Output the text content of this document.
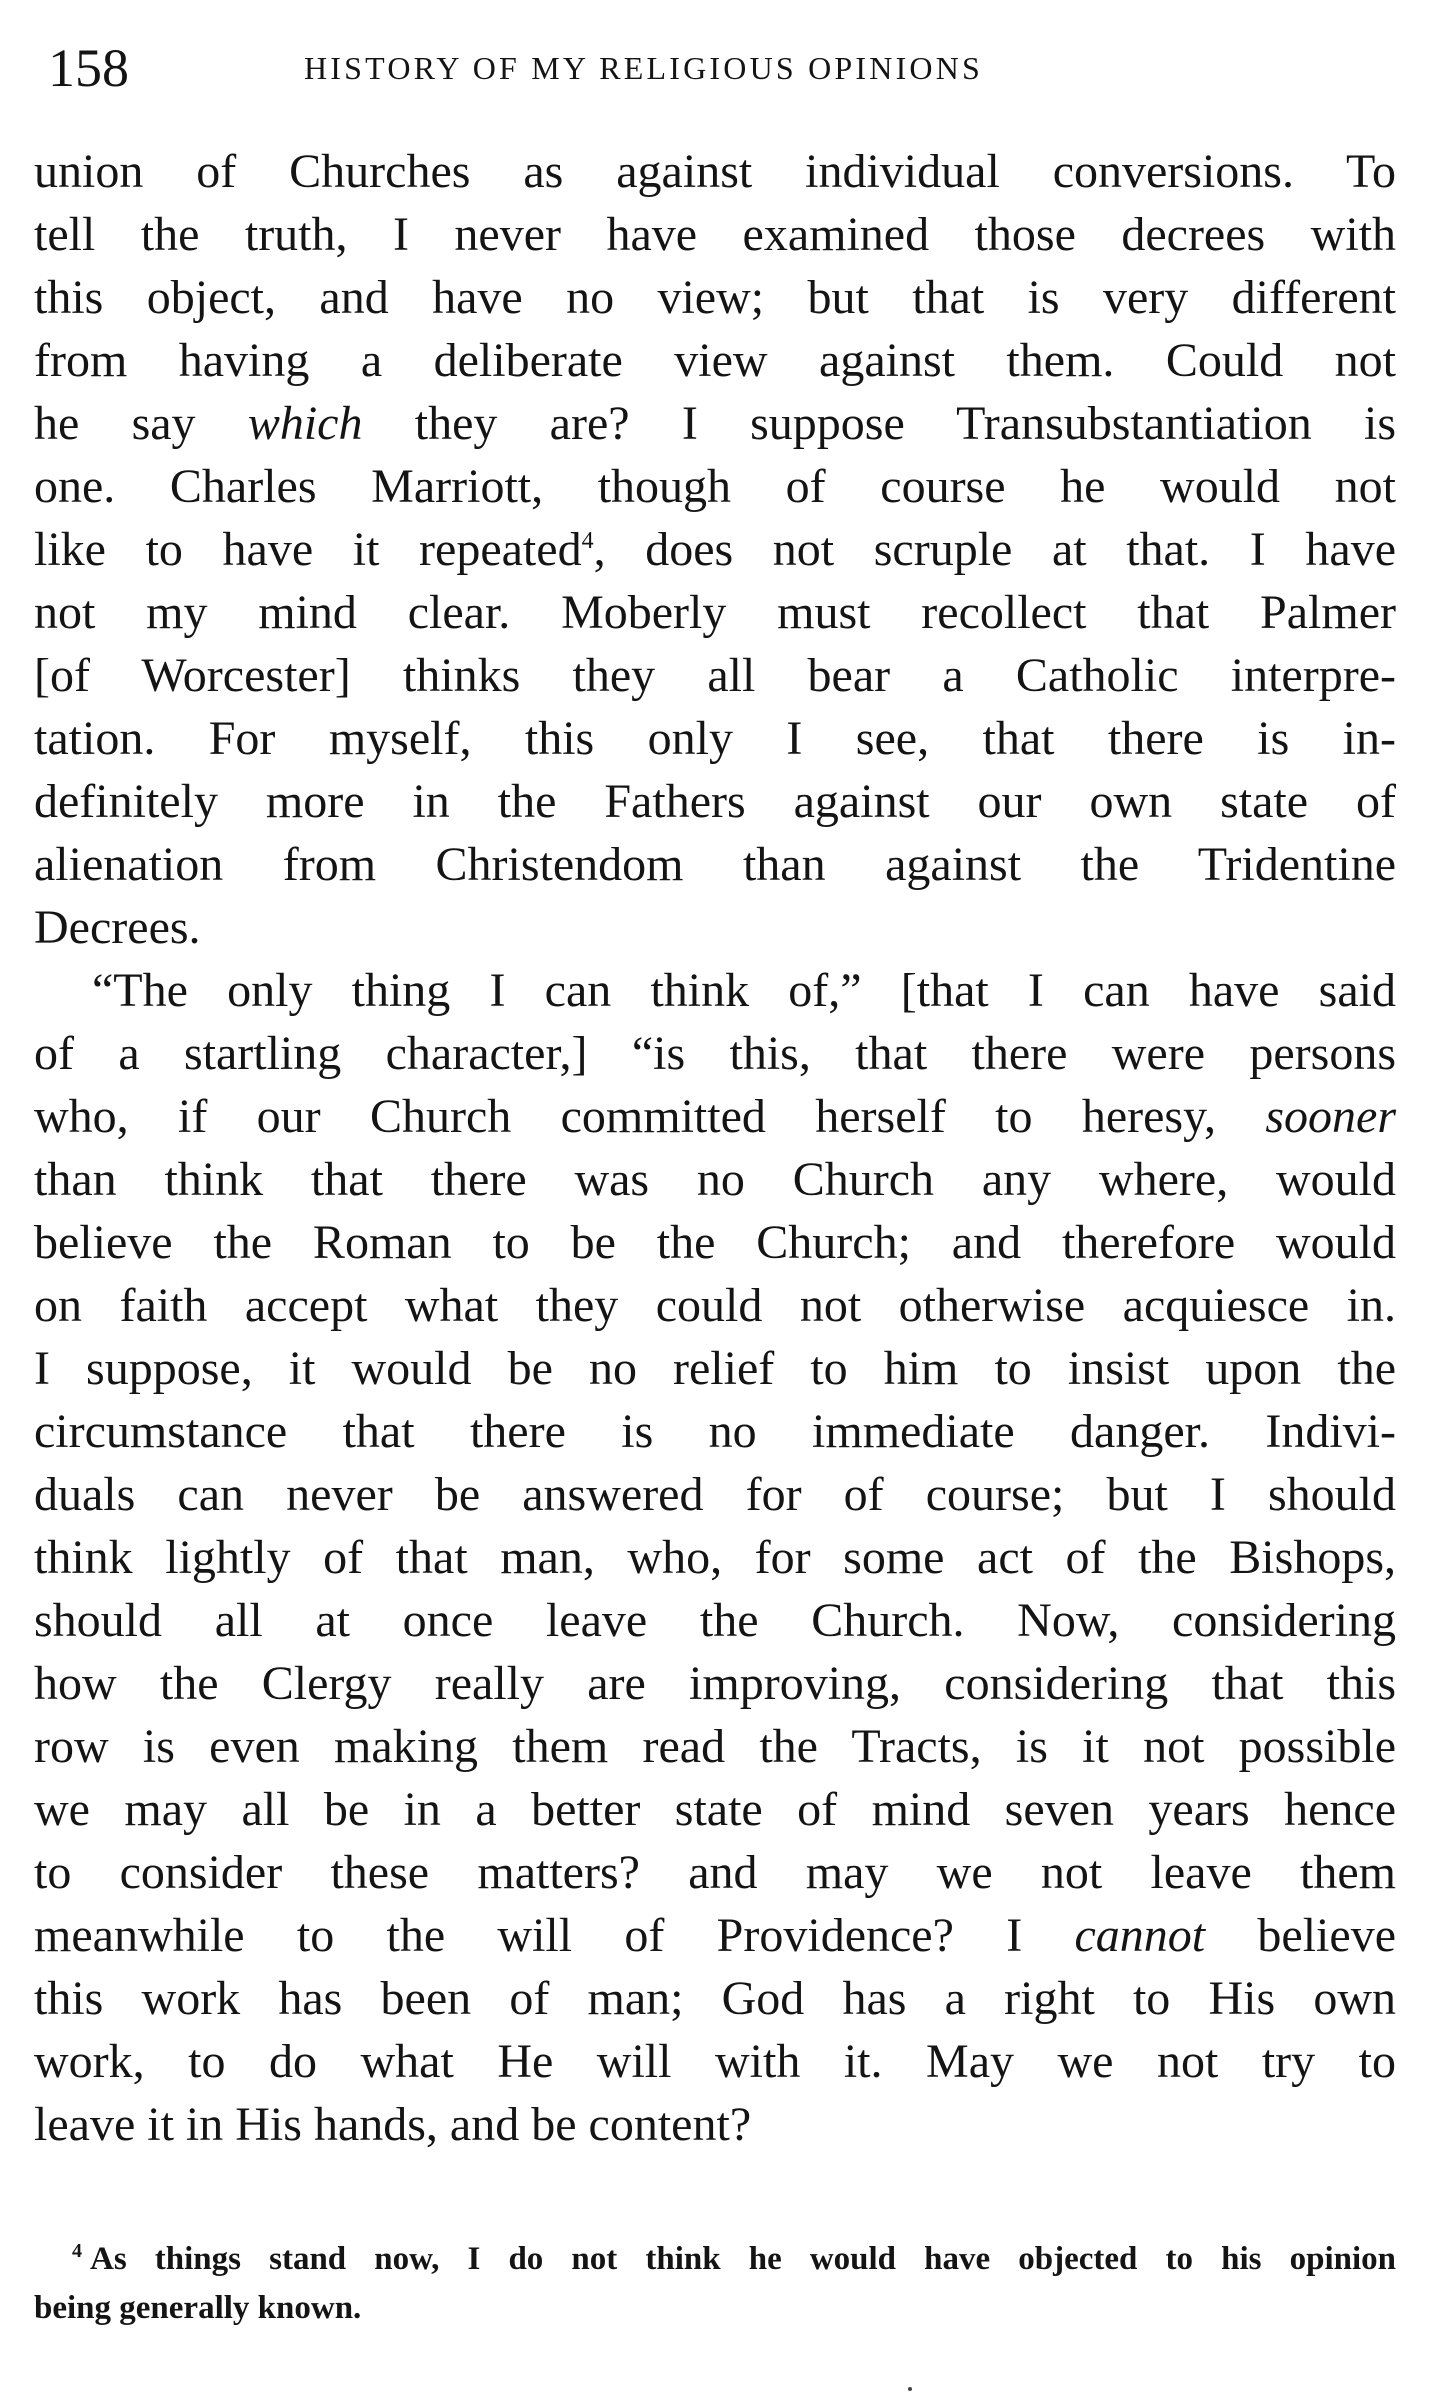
158	HISTORY OF MY RELIGIOUS OPINIONS
union of Churches as against individual conversions. To
tell the truth, I never have examined those decrees with
this object, and have no view; but that is very different
from having a deliberate view against them. Could not
he say which they are? I suppose Transubstantiation is
one. Charles Marriott, though of course he would not
like to have it repeated$^4$, does not scruple at that. I have
not my mind clear. Moberly must recollect that Palmer
[of Worcester] thinks they all bear a Catholic interpre-
tation. For myself, this only I see, that there is in-
definitely more in the Fathers against our own state of
alienation from Christendom than against the Tridentine
Decrees.
“The only thing I can think of,” [that I can have said
of a startling character,] “is this, that there were persons
who, if our Church committed herself to heresy, sooner
than think that there was no Church any where, would
believe the Roman to be the Church; and therefore would
on faith accept what they could not otherwise acquiesce in.
I suppose, it would be no relief to him to insist upon the
circumstance that there is no immediate danger. Indivi-
duals can never be answered for of course; but I should
think lightly of that man, who, for some act of the Bishops,
should all at once leave the Church. Now, considering
how the Clergy really are improving, considering that this
row is even making them read the Tracts, is it not possible
we may all be in a better state of mind seven years hence
to consider these matters? and may we not leave them
meanwhile to the will of Providence? I cannot believe
this work has been of man; God has a right to His own
work, to do what He will with it. May we not try to
leave it in His hands, and be content?
$^4$ As things stand now, I do not think he would have objected to his opinion
being generally known.
